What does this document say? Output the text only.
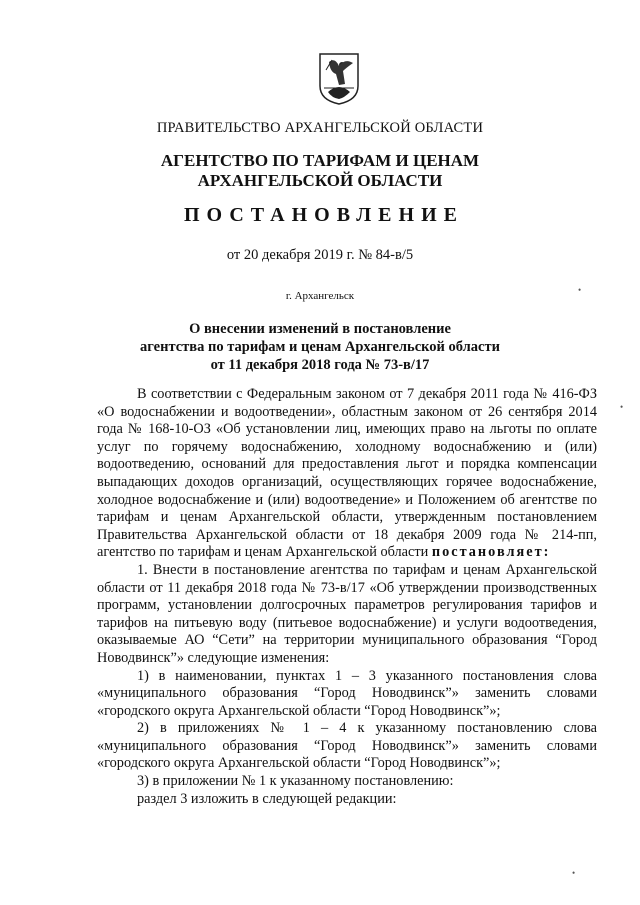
ПРАВИТЕЛЬСТВО АРХАНГЕЛЬСКОЙ ОБЛАСТИ
АГЕНТСТВО ПО ТАРИФАМ И ЦЕНАМ
АРХАНГЕЛЬСКОЙ ОБЛАСТИ
ПОСТАНОВЛЕНИЕ
от 20 декабря 2019 г. № 84-в/5
г. Архангельск
О внесении изменений в постановление
агентства по тарифам и ценам Архангельской области
от 11 декабря 2018 года № 73-в/17

В соответствии с Федеральным законом от 7 декабря 2011 года № 416-ФЗ «О водоснабжении и водоотведении», областным законом от 26 сентября 2014 года № 168-10-ОЗ «Об установлении лиц, имеющих право на льготы по оплате услуг по горячему водоснабжению, холодному водоснабжению и (или) водоотведению, оснований для предоставления льгот и порядка компенсации выпадающих доходов организаций, осуществляющих горячее водоснабжение, холодное водоснабжение и (или) водоотведение» и Положением об агентстве по тарифам и ценам Архангельской области, утвержденным постановлением Правительства Архангельской области от 18 декабря 2009 года № 214-пп, агентство по тарифам и ценам Архангельской области постановляет:

1. Внести в постановление агентства по тарифам и ценам Архангельской области от 11 декабря 2018 года № 73-в/17 «Об утверждении производственных программ, установлении долгосрочных параметров регулирования тарифов и тарифов на питьевую воду (питьевое водоснабжение) и услуги водоотведения, оказываемые АО “Сети” на территории муниципального образования “Город Новодвинск”» следующие изменения:

1) в наименовании, пунктах 1 – 3 указанного постановления слова «муниципального образования “Город Новодвинск”» заменить словами «городского округа Архангельской области “Город Новодвинск”»;

2) в приложениях № 1 – 4 к указанному постановлению слова «муниципального образования “Город Новодвинск”» заменить словами «городского округа Архангельской области “Город Новодвинск”»;

3) в приложении № 1 к указанному постановлению:

раздел 3 изложить в следующей редакции:

•
•
•
